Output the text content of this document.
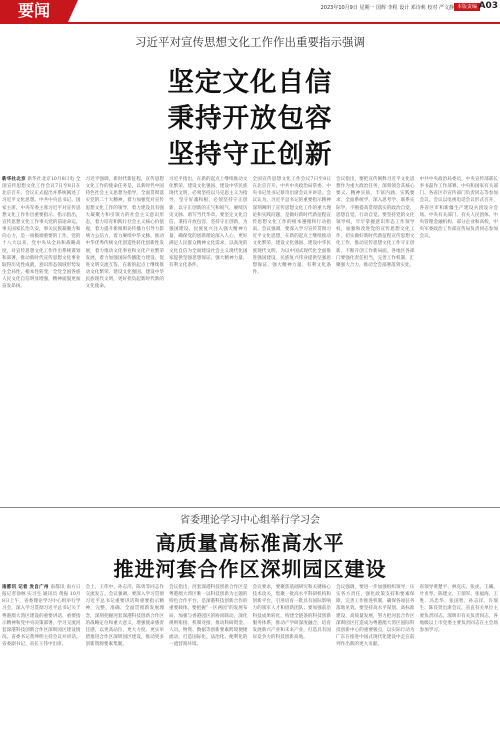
要闻	2023年10月9日 星期一 国辉 李程 设计 邓诗莉 校对 严文静 本版责编 A03
习近平对宣传思想文化工作作出重要指示强调
坚定文化自信
秉持开放包容
坚持守正创新
新华社北京 新华社北京10月8日电 全国宣传思想文化工作会议7日至8日在北京召开。会议正式提出并系统阐述了习近平文化思想。中共中央总书记、国家主席、中央军委主席习近平对宣传思想文化工作作出重要指示。指示指出，宣传思想文化工作事关党的前途命运，事关国家长治久安，事关民族凝聚力和向心力，是一项极端重要的工作。党的十八大以来，党中央从全局和战略高度，对宣传思想文化工作作出系统谋划和部署，推动新时代宣传思想文化事业取得历史性成就，意识形态领域形势发生全局性、根本性转变，全党全国各族人民文化自信明显增强，精神面貌更加奋发昂扬。
习近平强调，新时代新征程，宣传思想文化工作的使命任务是，以新时代中国特色社会主义思想为指导，全面贯彻落实党的二十大精神，着力加强党对宣传思想文化工作的领导，着力建设具有强大凝聚力和引领力的社会主义意识形态，着力培育和践行社会主义核心价值观，着力提升新闻舆论传播力引导力影响力公信力，着力赓续中华文脉、推动中华优秀传统文化创造性转化创新性发展，着力推动文化事业和文化产业繁荣发展，着力加强国际传播能力建设、促进文明交流互鉴，在新的起点上继续推动文化繁荣、建设文化强国、建设中华民族现代文明，更好担负起新时代新的文化使命。
习近平指出，在新的起点上继续推动文化繁荣、建设文化强国、建设中华民族现代文明，必须坚持以马克思主义为指导，坚守好魂和根，必须坚持守正创新，以守正创新的正气和锐气，赓续历史文脉、谱写当代华章。要坚定文化自信，秉持开放包容，坚持守正创新，为强国建设、民族复兴注入强大精神力量，确保党的创新理论深入人心，更好满足人民群众精神文化需求，以高度的文化自信为全面建设社会主义现代化国家提供坚强思想保证、强大精神力量、有利文化条件。
全国宣传思想文化工作会议7日至8日在北京召开。中共中央政治局常委、中央书记处书记蔡奇出席会议并讲话。会议认为，习近平总书记的重要指示精神深刻阐明了宣传思想文化工作的重大理论和实践问题，是做好新时代新征程宣传思想文化工作的根本遵循和行动指南。会议强调，要深入学习宣传贯彻习近平文化思想，在新的起点上继续推动文化繁荣、建设文化强国、建设中华民族现代文明，为以中国式现代化全面推进强国建设、民族复兴伟业提供坚强思想保证、强大精神力量、有利文化条件。
会议指出，要把宣传阐释习近平文化思想作为重大政治任务，深刻领会其核心要义、精神实质、丰富内涵、实践要求，全面系统学、深入思考学、联系实际学，不断提高贯彻落实的政治自觉、思想自觉、行动自觉。要坚持党的文化领导权，牢牢掌握意识形态工作领导权，加强和改进党的宣传思想文化工作，切实做好新时代新征程宣传思想文化工作，推动宣传思想文化工作守正创新，不断开创工作新局面。各地区各部门要强化责任担当，完善工作机制，汇聚强大合力，推动全会部署落到实处。
中共中央政治局委员、中央宣传部部长李书磊作工作部署。中央和国家有关部门、各省区市宣传部门负责同志等参加会议。会议以电视电话会议形式召开，各省区市和新疆生产建设兵团设分会场。中央有关部门、有关人民团体、中央管理金融机构、部分企业和高校，中央军委政治工作部宣传局负责同志参加会议。
省委理论学习中心组举行学习会
高质量高标准高水平
推进河套合作区深圳园区建设
南都讯 记者 发自广州 南都讯 南方日报记者徐林 实习生 通讯员 黄振 10月8日上午，省委理论学习中心组举行学习会，深入学习贯彻习近平总书记关于粤港澳大湾区建设的重要讲话、重要指示精神和党中央决策部署，学习交流河套深港科技创新合作区深圳园区建设情况。省委书记黄坤明主持会议并讲话。省委副书记、省长王伟中出席。
会上，王伟中、孙志洋、陈勇等同志作交流发言。会议强调，要深入学习贯彻习近平总书记重要讲话和重要指示精神，完整、准确、全面贯彻新发展理念，深刻把握河套深港科技创新合作区的战略定位和重大意义，增强使命感责任感，以更高站位、更大力度、更实举措推进合作区深圳园区建设，推动更多创新资源要素集聚。
会议指出，河套深港科技创新合作区是粤港澳大湾区唯一以科技创新为主题的特色合作平台，是深港科技创新合作的重要载体。要把握“一区两园”的发展布局，加强与香港园区的协同联动，深化规则衔接、机制对接，推动科研资金、人员、物资、数据等创新要素跨境便捷流动，打造国际化、法治化、便利化的一流营商环境。
会议要求，要聚焦基础研究和关键核心技术攻关，集聚一批高水平科研机构和创新平台，引进培育一批具有国际影响力的领军人才和创新团队；要加强前沿科技成果转化，构建全链条的科技创新服务体系，推动产学研深度融合，培育发展新兴产业和未来产业，打造具有国际竞争力的科技创新高地。
会议强调，要进一步加强组织领导，压实各方责任，强化政策支持和要素保障，完善工作推进机制，确保各项任务落地见效。要坚持高水平谋划、高标准建设、高质量发展，努力把河套合作区深圳园区打造成为粤港澳大湾区国际科技创新中心的重要极点，以实际行动为广东在推进中国式现代化建设中走在前列作出新的更大贡献。
省领导黄楚平、林克庆、张虎、王曦、叶贞琴、陈建文、王瑞军、张福海、王胜、冯忠华、张国智、孙志洋、许瑞生、陈良贤出席会议。省直有关单位主要负责同志、深圳市有关负责同志，各地级以上市党委主要负责同志在主会场参加学习。
